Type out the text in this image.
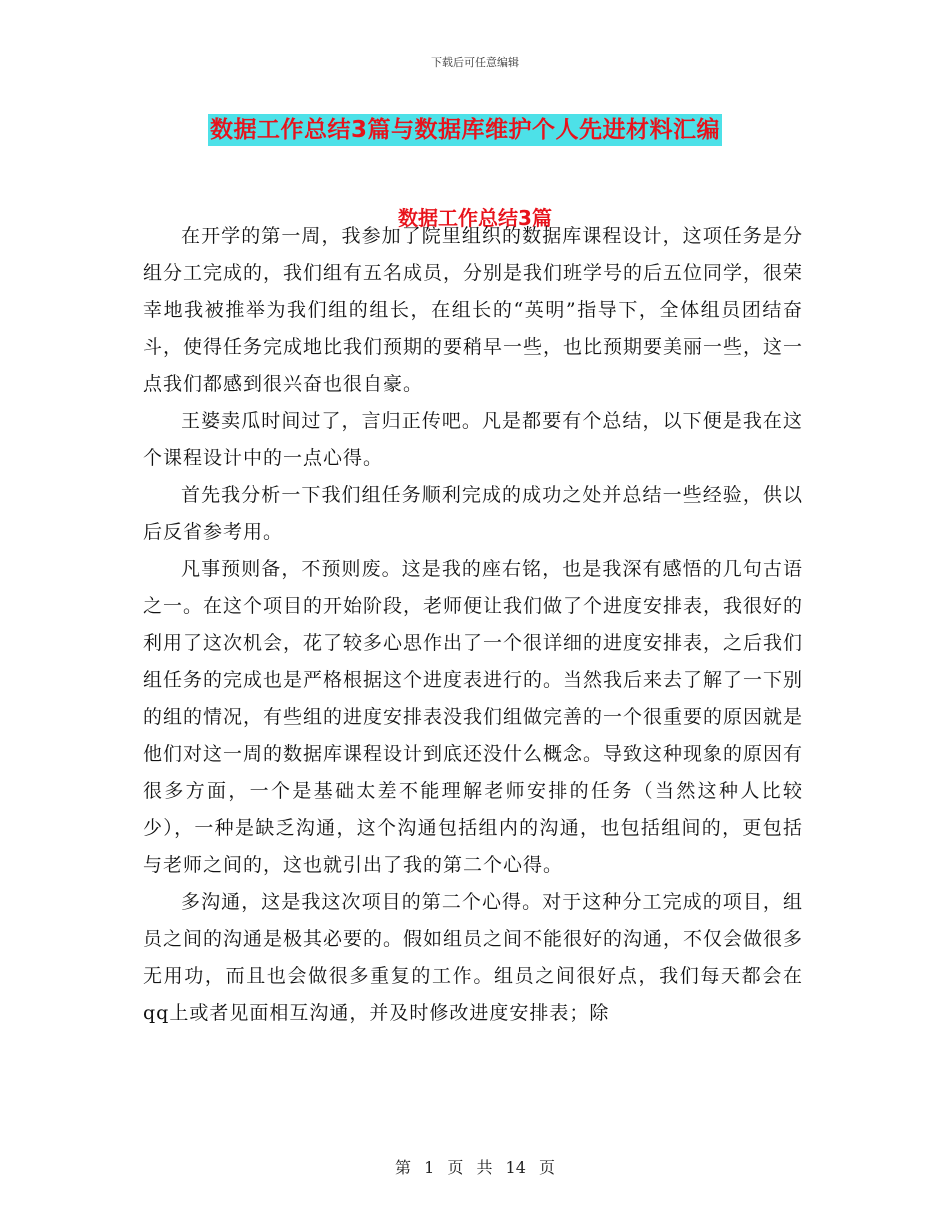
下载后可任意编辑
数据工作总结3篇与数据库维护个人先进材料汇编
数据工作总结3篇

在开学的第一周，我参加了院里组织的数据库课程设计，这项任务是分组分工完成的，我们组有五名成员，分别是我们班学号的后五位同学，很荣幸地我被推举为我们组的组长，在组长的“英明”指导下，全体组员团结奋斗，使得任务完成地比我们预期的要稍早一些，也比预期要美丽一些，这一点我们都感到很兴奋也很自豪。

王婆卖瓜时间过了，言归正传吧。凡是都要有个总结，以下便是我在这个课程设计中的一点心得。

首先我分析一下我们组任务顺利完成的成功之处并总结一些经验，供以后反省参考用。

凡事预则备，不预则废。这是我的座右铭，也是我深有感悟的几句古语之一。在这个项目的开始阶段，老师便让我们做了个进度安排表，我很好的利用了这次机会，花了较多心思作出了一个很详细的进度安排表，之后我们组任务的完成也是严格根据这个进度表进行的。当然我后来去了解了一下别的组的情况，有些组的进度安排表没我们组做完善的一个很重要的原因就是他们对这一周的数据库课程设计到底还没什么概念。导致这种现象的原因有很多方面，一个是基础太差不能理解老师安排的任务（当然这种人比较少），一种是缺乏沟通，这个沟通包括组内的沟通，也包括组间的，更包括与老师之间的，这也就引出了我的第二个心得。

多沟通，这是我这次项目的第二个心得。对于这种分工完成的项目，组员之间的沟通是极其必要的。假如组员之间不能很好的沟通，不仅会做很多无用功，而且也会做很多重复的工作。组员之间很好点，我们每天都会在qq上或者见面相互沟通，并及时修改进度安排表；除

第 1 页 共 14 页
